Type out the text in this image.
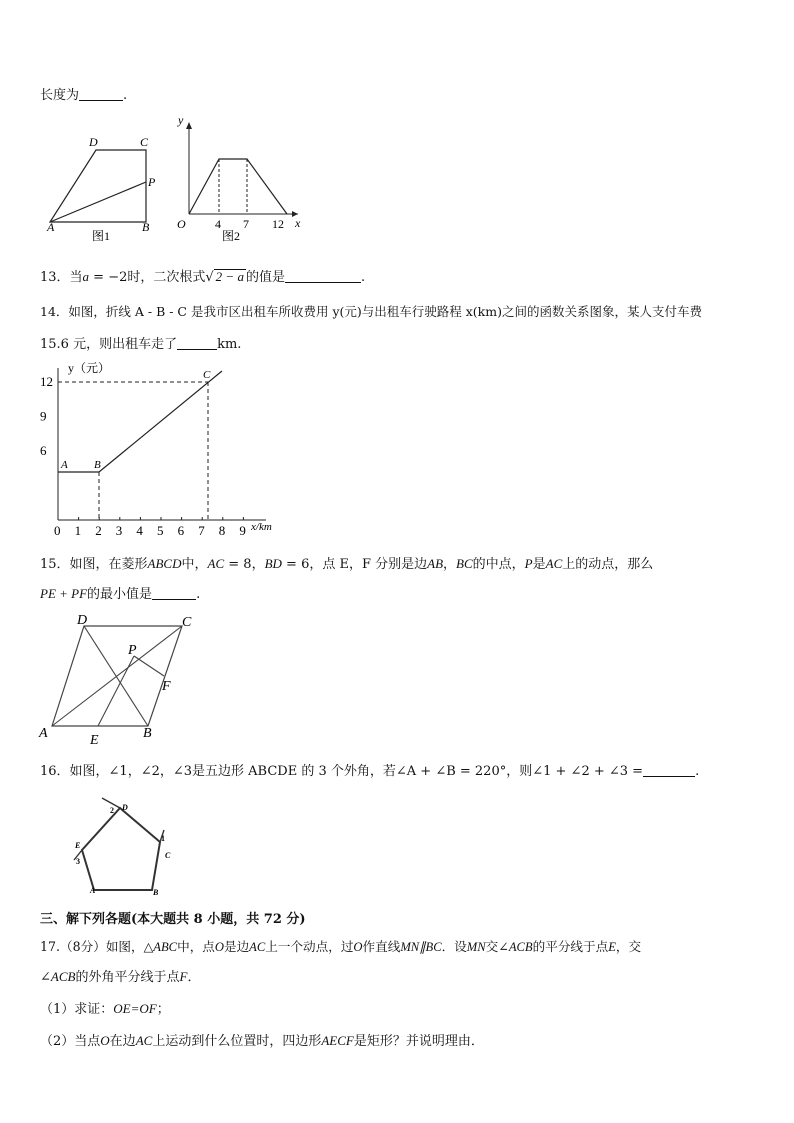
长度为	.
A	B
C
D
P
图1
y
x
O 4 7 12
图2
13．当a = −2时，二次根式√ 2 − a 的值是	.
14．如图，折线 A - B - C 是我市区出租车所收费用 y(元)与出租车行驶路程 x(km)之间的函数关系图象，某人支付车费
15.6 元，则出租车走了	km.
0 1 2 3 4 5 6 7 8 9
6
9
12
y（元）
x/km
A B
C
15．如图，在菱形ABCD中，AC = 8，BD = 6，点 E，F 分别是边AB，BC的中点，P是AC上的动点，那么
PE + PF的最小值是	.
A	B
C
D
E
F
P
16．如图，∠1，∠2，∠3是五边形 ABCDE 的 3 个外角，若∠A + ∠B = 220°，则∠1 + ∠2 + ∠3 =	.
A	B
C
D
E
1
2
3
三、解下列各题(本大题共 8 小题，共 72 分)
17.（8分）如图，△ABC中，点O是边AC上一个动点，过O作直线MN∥BC．设MN交∠ACB的平分线于点E，交
∠ACB的外角平分线于点F．
（1）求证：OE=OF；
（2）当点O在边AC上运动到什么位置时，四边形AECF是矩形？并说明理由．
